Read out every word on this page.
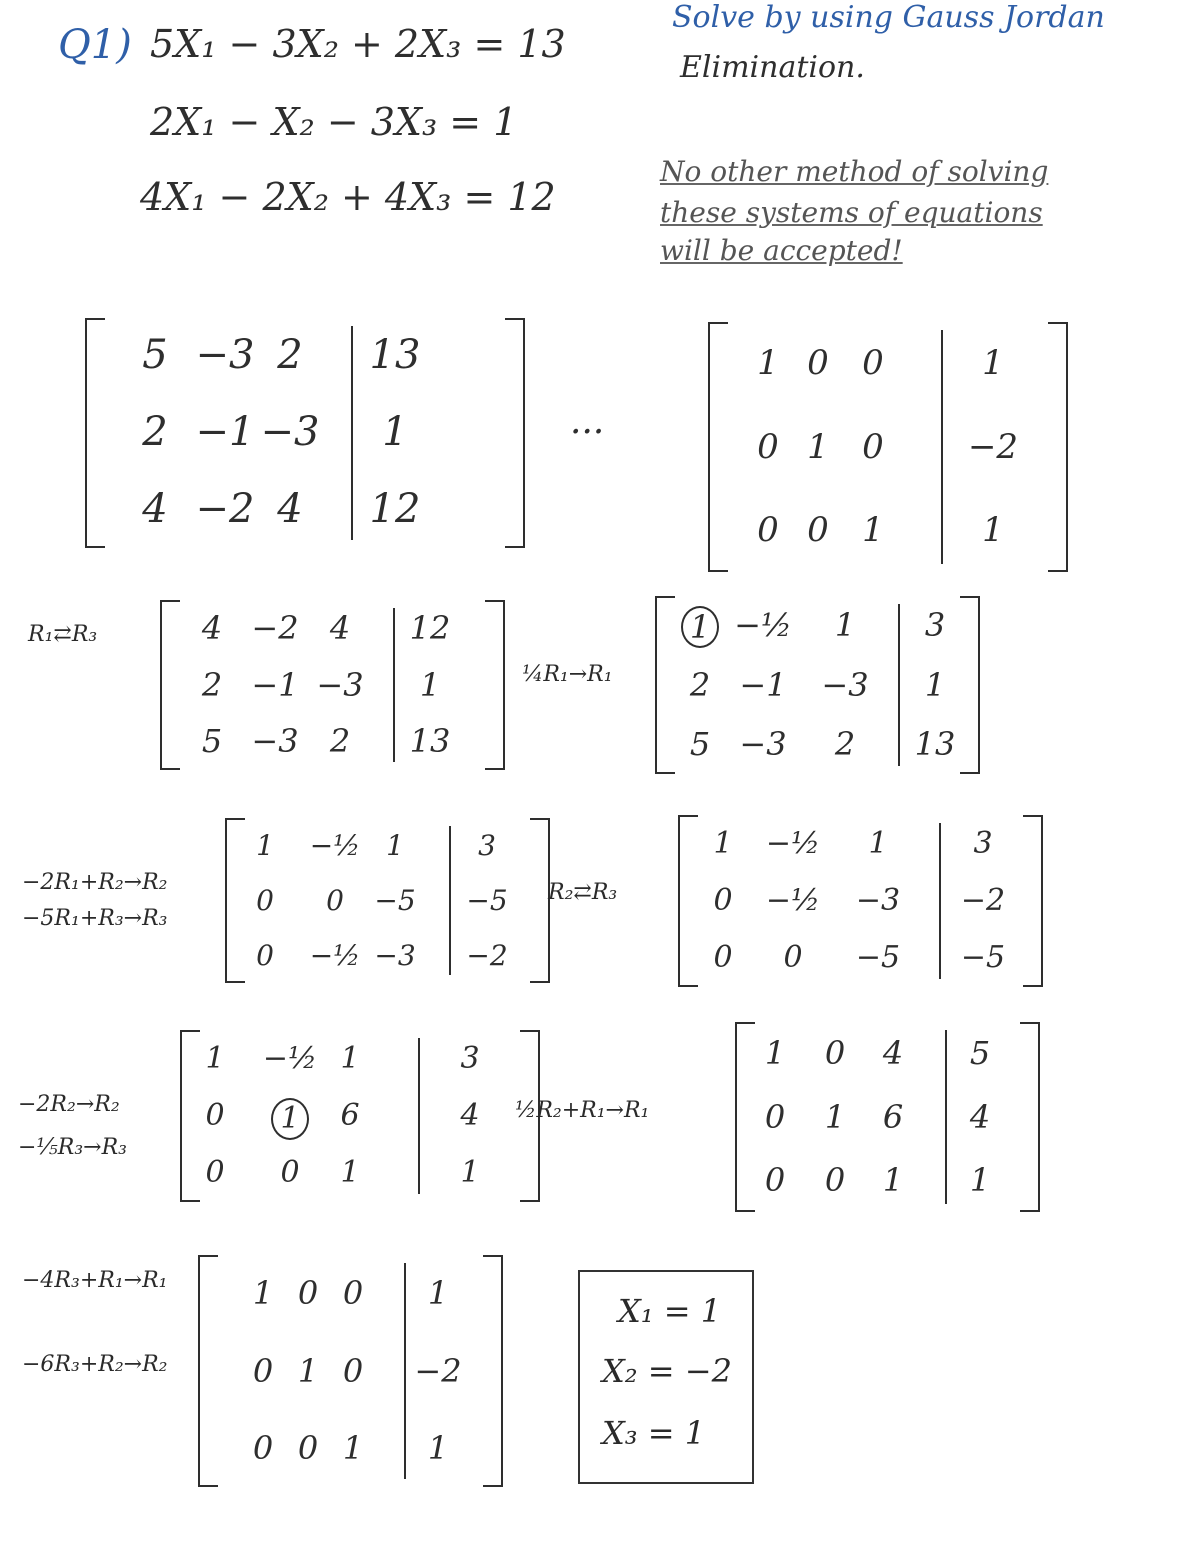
Q1) 5X₁ − 3X₂ + 2X₃ = 13
2X₁ − X₂ − 3X₃ = 1
4X₁ − 2X₂ + 4X₃ = 12
Solve by using Gauss Jordan
Elimination.
No other method of solving
these systems of equations
will be accepted!
5 −3 2 13
2 −1 −3 1
4 −2 4 12
···
1 0 0	1
0 1 0 −2
0 0 1	1
R₁⇄R₃	4 −2 4 12
2 −1 −3 1
5 −3 2 13
¼R₁→R₁
1 −½ 1 3
2 −1 −3 1
5 −3 2 13
−2R₁+R₂→R₂
−5R₁+R₃→R₃
1 −½ 1	3
0 0 −5 −5
0 −½ −3 −2
R₂⇄R₃
1 −½ 1	3
0 −½ −3 −2
0 0 −5 −5
−2R₂→R₂
−⅕R₃→R₃
1 −½ 1	3
0	1	6	4
0 0 1	1
½R₂+R₁→R₁
1 0 4 5
0 1 6 4
0 0 1 1
−4R₃+R₁→R₁
−6R₃+R₂→R₂
1 0 0 1
0 1 0 −2
0 0 1 1
X₁ = 1
X₂ = −2
X₃ = 1
